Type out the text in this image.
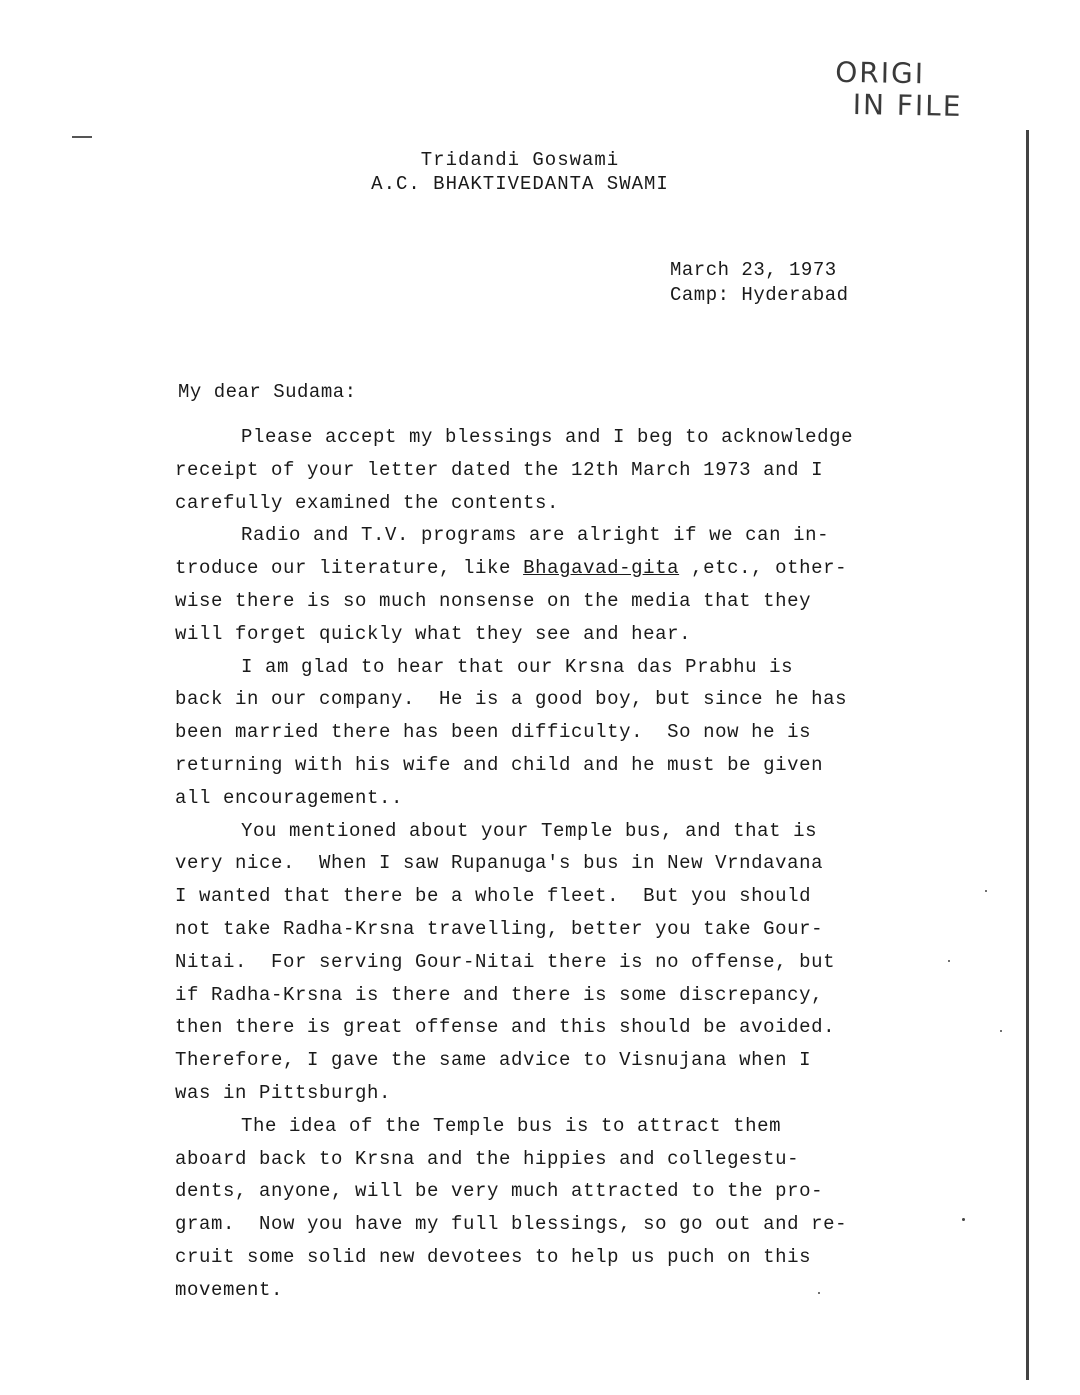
ORIGI
IN FILE
Tridandi Goswami
A.C. BHAKTIVEDANTA SWAMI
March 23, 1973
Camp: Hyderabad
My dear Sudama:
Please accept my blessings and I beg to acknowledge
receipt of your letter dated the 12th March 1973 and I
carefully examined the contents.
Radio and T.V. programs are alright if we can in-
troduce our literature, like Bhagavad-gita ,etc., other-
wise there is so much nonsense on the media that they
will forget quickly what they see and hear.
I am glad to hear that our Krsna das Prabhu is
back in our company.  He is a good boy, but since he has
been married there has been difficulty.  So now he is
returning with his wife and child and he must be given
all encouragement..
You mentioned about your Temple bus, and that is
very nice.  When I saw Rupanuga's bus in New Vrndavana
I wanted that there be a whole fleet.  But you should
not take Radha-Krsna travelling, better you take Gour-
Nitai.  For serving Gour-Nitai there is no offense, but
if Radha-Krsna is there and there is some discrepancy,
then there is great offense and this should be avoided.
Therefore, I gave the same advice to Visnujana when I
was in Pittsburgh.
The idea of the Temple bus is to attract them
aboard back to Krsna and the hippies and collegestu-
dents, anyone, will be very much attracted to the pro-
gram.  Now you have my full blessings, so go out and re-
cruit some solid new devotees to help us puch on this
movement.
